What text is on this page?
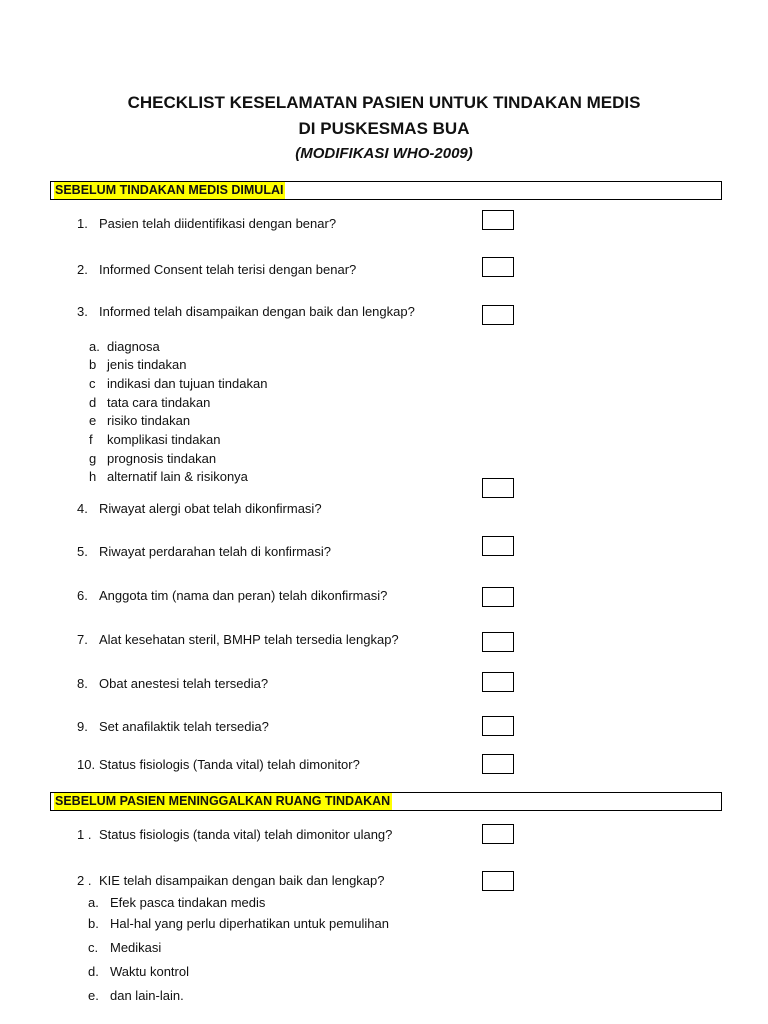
CHECKLIST KESELAMATAN PASIEN UNTUK TINDAKAN MEDIS
DI PUSKESMAS BUA
(MODIFIKASI WHO-2009)
SEBELUM TINDAKAN MEDIS DIMULAI
1. Pasien telah diidentifikasi dengan benar?
2. Informed Consent telah terisi dengan benar?
3. Informed telah disampaikan dengan baik dan lengkap?
a. diagnosa
b jenis tindakan
c indikasi dan tujuan tindakan
d tata cara tindakan
e risiko tindakan
f komplikasi tindakan
g prognosis tindakan
h alternatif lain & risikonya
4. Riwayat alergi obat telah dikonfirmasi?
5. Riwayat perdarahan telah di konfirmasi?
6. Anggota tim (nama dan peran) telah dikonfirmasi?
7. Alat kesehatan steril, BMHP telah tersedia lengkap?
8. Obat anestesi telah tersedia?
9. Set anafilaktik telah tersedia?
10. Status fisiologis (Tanda vital) telah dimonitor?
SEBELUM PASIEN MENINGGALKAN RUANG TINDAKAN
1 . Status fisiologis (tanda vital) telah dimonitor ulang?
2 . KIE telah disampaikan dengan baik dan lengkap?
a. Efek pasca tindakan medis
b. Hal-hal yang perlu diperhatikan untuk pemulihan
c. Medikasi
d. Waktu kontrol
e. dan lain-lain.
